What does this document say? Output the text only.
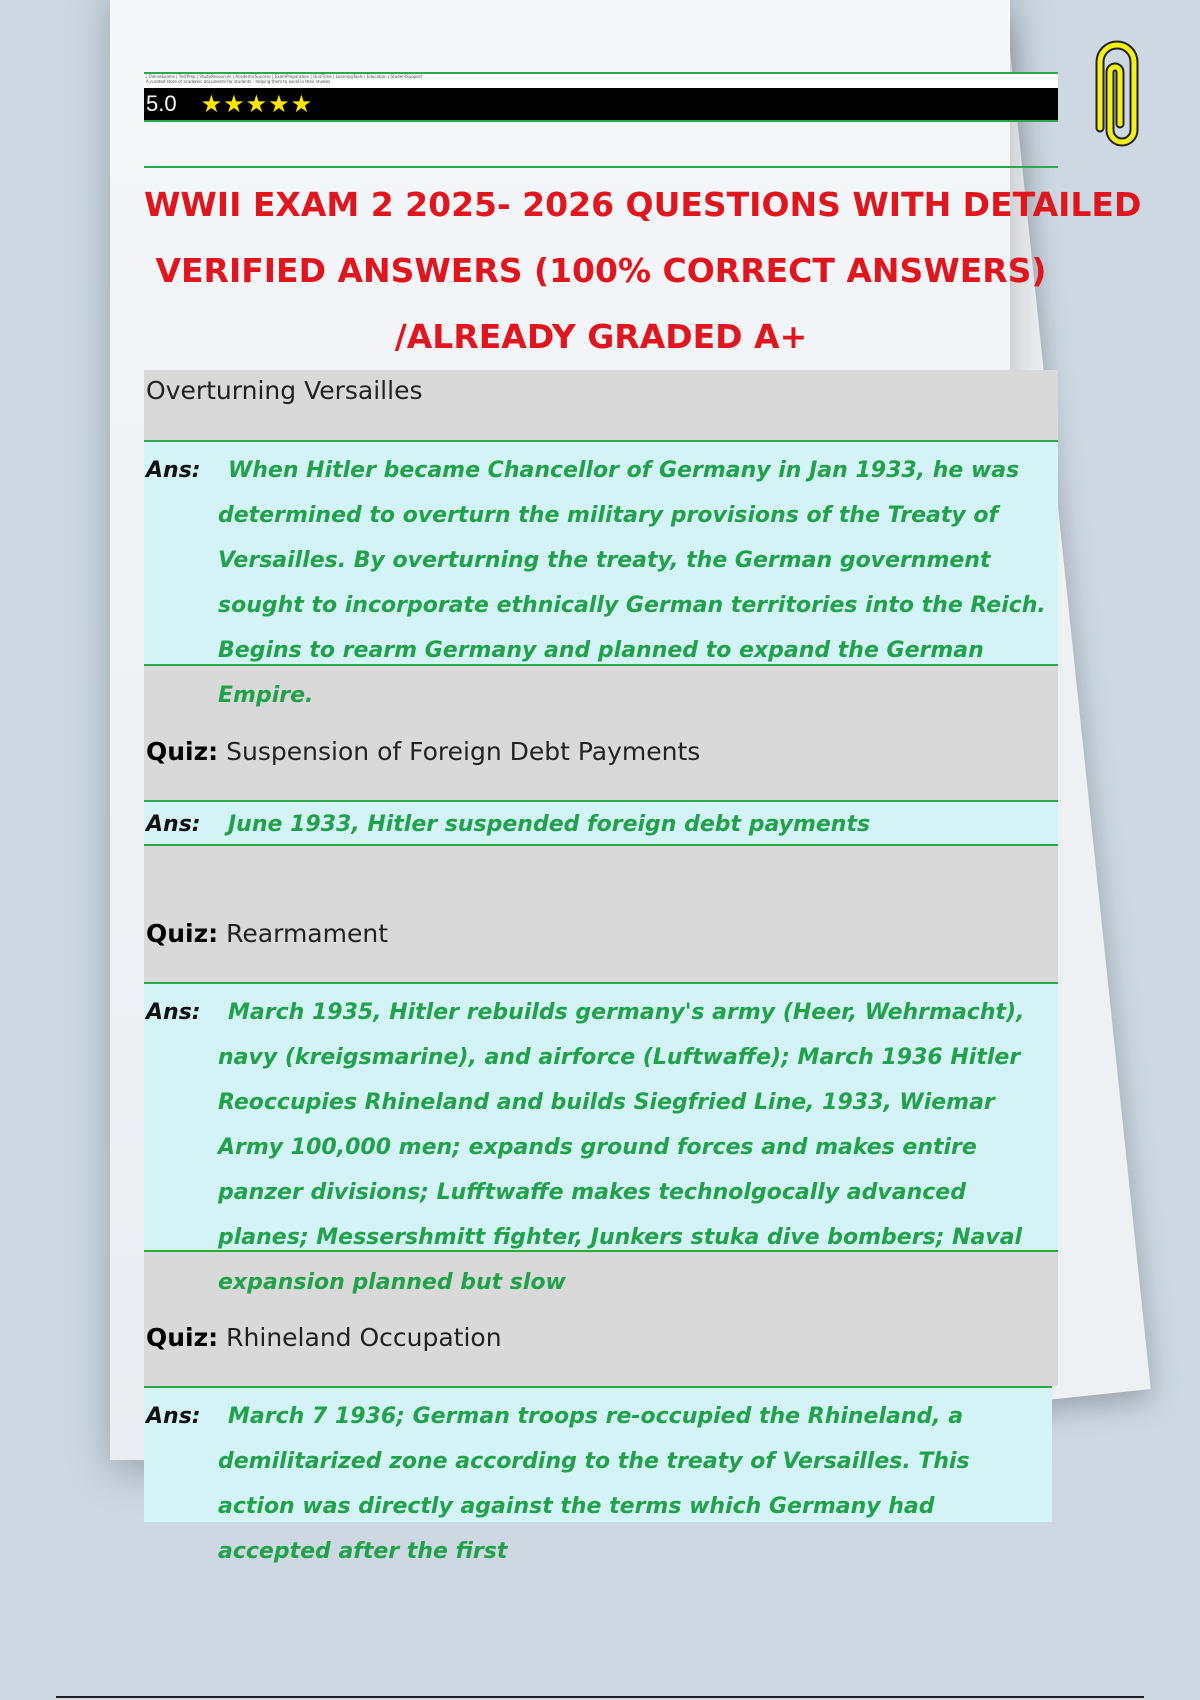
| OnlineExams | TestPrep | StudyResources | AcademicSuccess | ExamPreparation | QuizTime | LearningTools | Education | StudentSupport
A curated store of academic documents for students - helping them to excel in their studies
5.0 ★★★★★
WWII EXAM 2 2025- 2026 QUESTIONS WITH DETAILED
VERIFIED ANSWERS (100% CORRECT ANSWERS)
/ALREADY GRADED A+
Overturning Versailles
Ans:	When Hitler became Chancellor of Germany in Jan 1933, he was determined to overturn the military provisions of the Treaty of Versailles. By overturning the treaty, the German government sought to incorporate ethnically German territories into the Reich. Begins to rearm Germany and planned to expand the German Empire.
Quiz: Suspension of Foreign Debt Payments
Ans:	June 1933, Hitler suspended foreign debt payments
Quiz: Rearmament
Ans:	March 1935, Hitler rebuilds germany's army (Heer, Wehrmacht), navy (kreigsmarine), and airforce (Luftwaffe); March 1936 Hitler Reoccupies Rhineland and builds Siegfried Line, 1933, Wiemar Army 100,000 men; expands ground forces and makes entire panzer divisions; Lufftwaffe makes technolgocally advanced planes; Messershmitt fighter, Junkers stuka dive bombers; Naval expansion planned but slow
Quiz: Rhineland Occupation
Ans:	March 7 1936; German troops re-occupied the Rhineland, a demilitarized zone according to the treaty of Versailles. This action was directly against the terms which Germany had accepted after the first
